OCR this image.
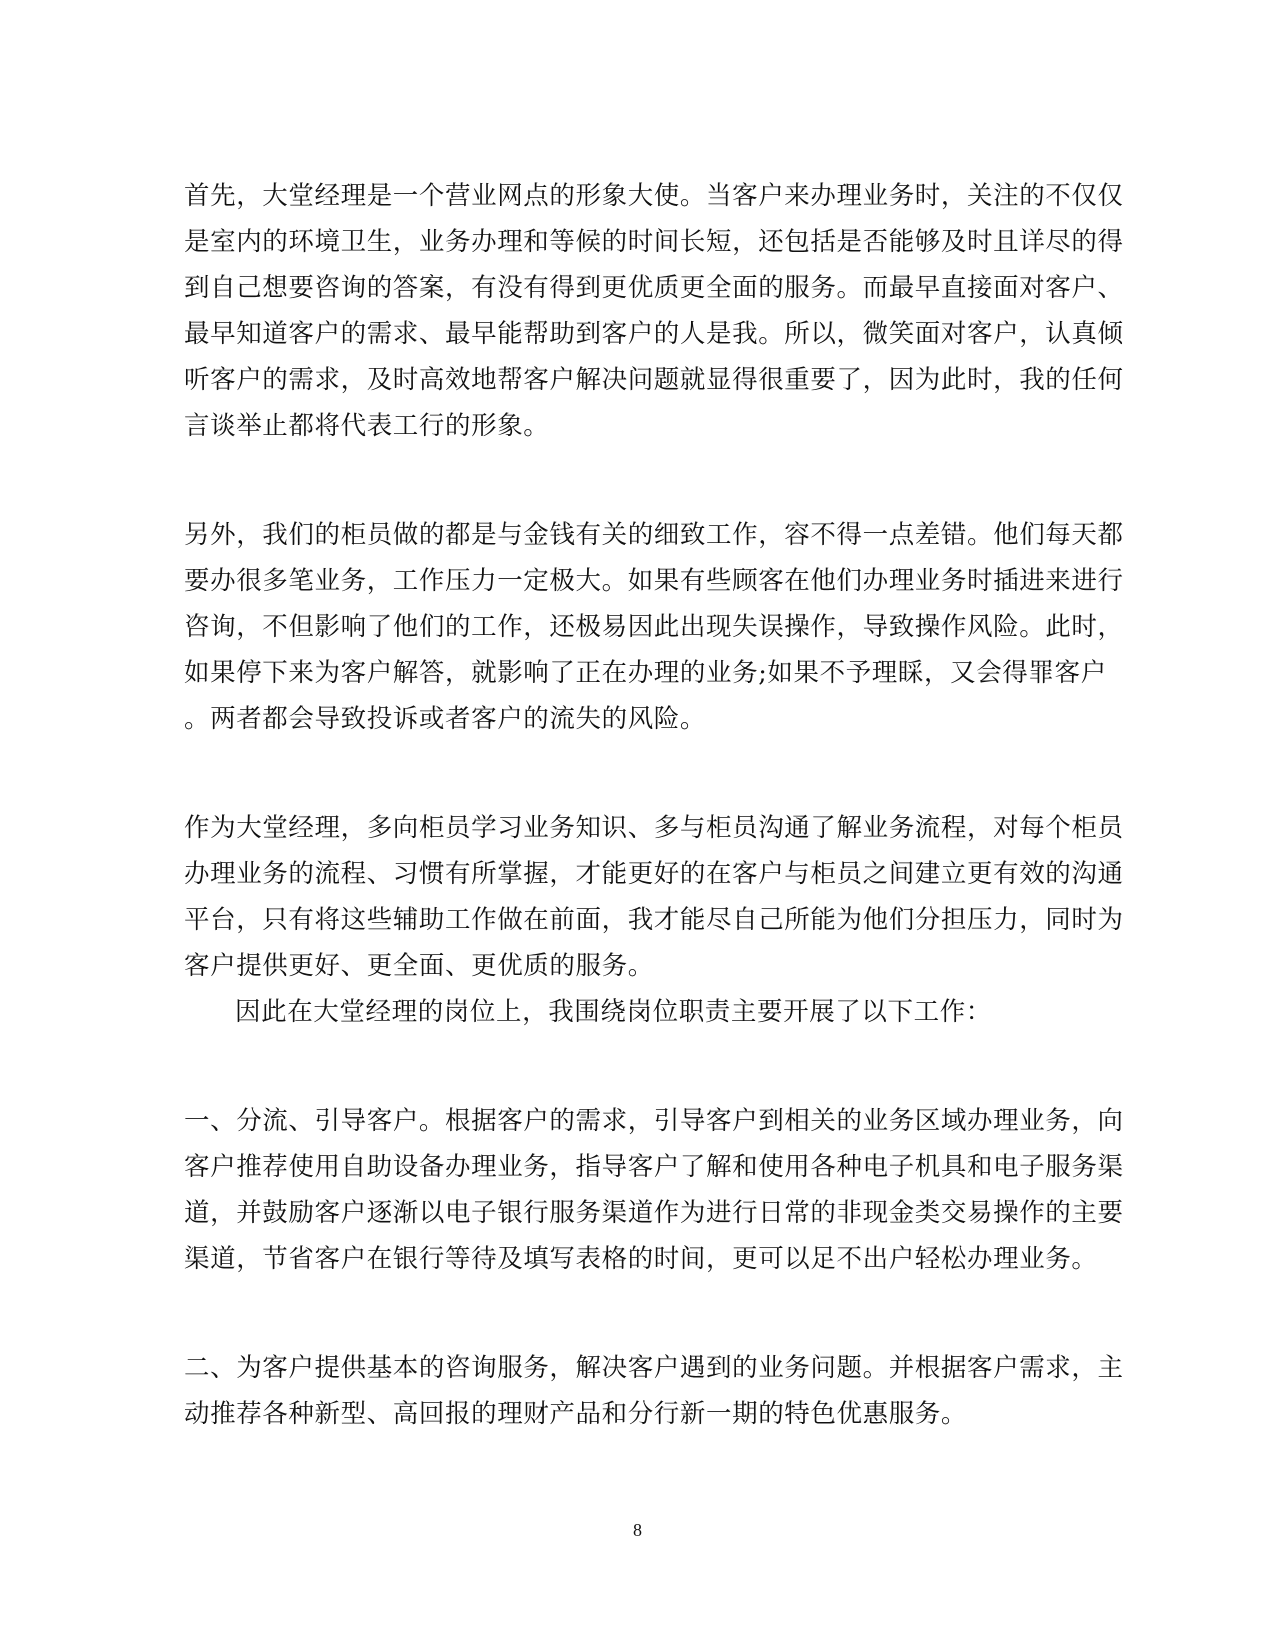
首先，大堂经理是一个营业网点的形象大使。当客户来办理业务时，关注的不仅仅
是室内的环境卫生，业务办理和等候的时间长短，还包括是否能够及时且详尽的得
到自己想要咨询的答案，有没有得到更优质更全面的服务。而最早直接面对客户、
最早知道客户的需求、最早能帮助到客户的人是我。所以，微笑面对客户，认真倾
听客户的需求，及时高效地帮客户解决问题就显得很重要了，因为此时，我的任何
言谈举止都将代表工行的形象。
另外，我们的柜员做的都是与金钱有关的细致工作，容不得一点差错。他们每天都
要办很多笔业务，工作压力一定极大。如果有些顾客在他们办理业务时插进来进行
咨询，不但影响了他们的工作，还极易因此出现失误操作，导致操作风险。此时，
如果停下来为客户解答，就影响了正在办理的业务;如果不予理睬，又会得罪客户
。两者都会导致投诉或者客户的流失的风险。
作为大堂经理，多向柜员学习业务知识、多与柜员沟通了解业务流程，对每个柜员
办理业务的流程、习惯有所掌握，才能更好的在客户与柜员之间建立更有效的沟通
平台，只有将这些辅助工作做在前面，我才能尽自己所能为他们分担压力，同时为
客户提供更好、更全面、更优质的服务。
因此在大堂经理的岗位上，我围绕岗位职责主要开展了以下工作：
一、分流、引导客户。根据客户的需求，引导客户到相关的业务区域办理业务，向
客户推荐使用自助设备办理业务，指导客户了解和使用各种电子机具和电子服务渠
道，并鼓励客户逐渐以电子银行服务渠道作为进行日常的非现金类交易操作的主要
渠道，节省客户在银行等待及填写表格的时间，更可以足不出户轻松办理业务。
二、为客户提供基本的咨询服务，解决客户遇到的业务问题。并根据客户需求，主
动推荐各种新型、高回报的理财产品和分行新一期的特色优惠服务。
8
